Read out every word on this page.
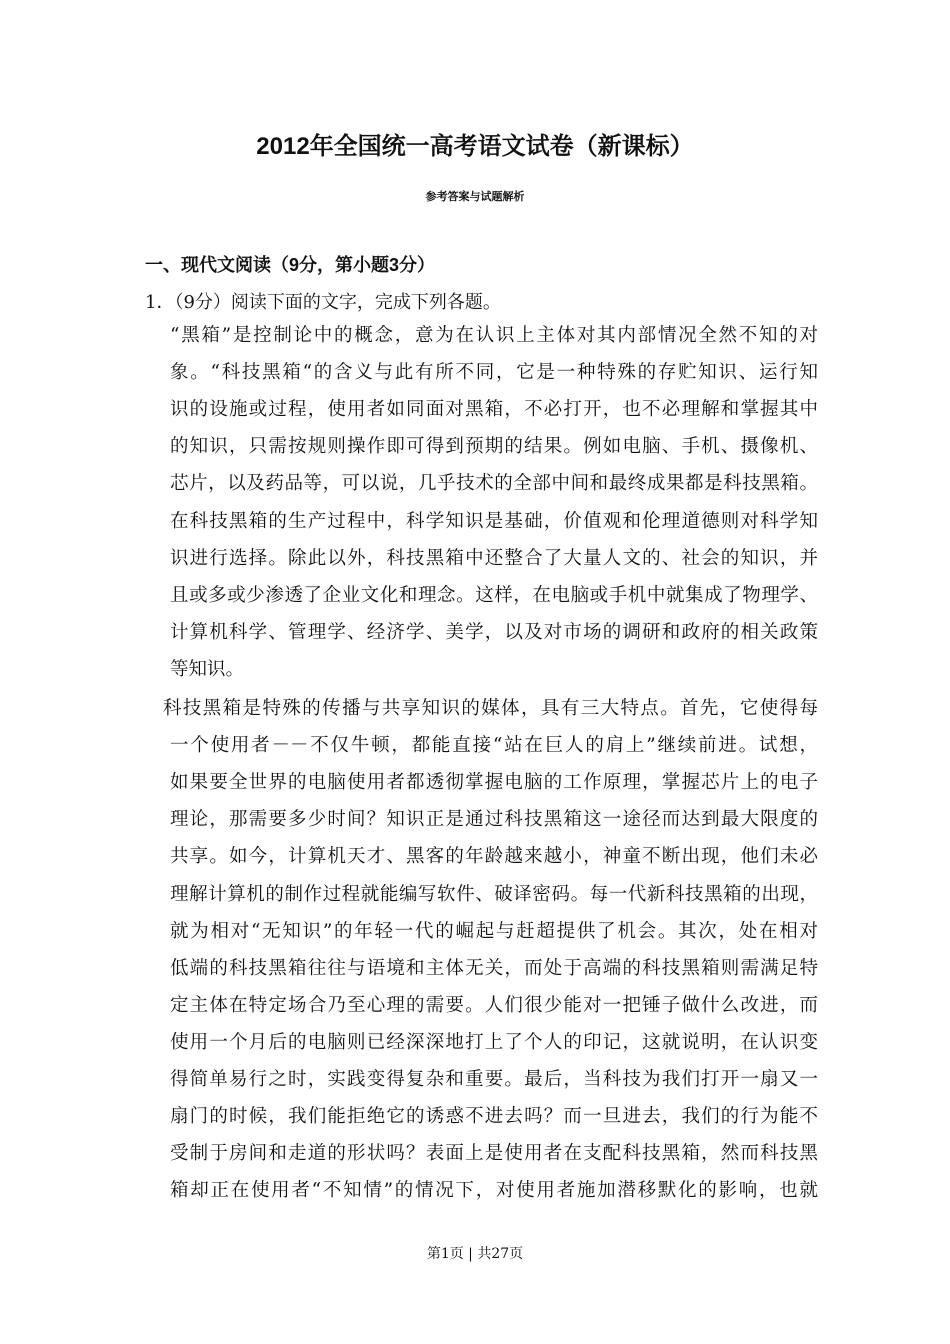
2012年全国统一高考语文试卷（新课标）
参考答案与试题解析
一、现代文阅读（9分，第小题3分）
1．（9分）阅读下面的文字，完成下列各题。
第1页 | 共27页
“黑箱”是控制论中的概念，意为在认识上主体对其内部情况全然不知的对
象。“科技黑箱“的含义与此有所不同，它是一种特殊的存贮知识、运行知
识的设施或过程，使用者如同面对黑箱，不必打开，也不必理解和掌握其中
的知识，只需按规则操作即可得到预期的结果。例如电脑、手机、摄像机、
芯片，以及药品等，可以说，几乎技术的全部中间和最终成果都是科技黑箱。
在科技黑箱的生产过程中，科学知识是基础，价值观和伦理道德则对科学知
识进行选择。除此以外，科技黑箱中还整合了大量人文的、社会的知识，并
且或多或少渗透了企业文化和理念。这样，在电脑或手机中就集成了物理学、
计算机科学、管理学、经济学、美学，以及对市场的调研和政府的相关政策
等知识。
科技黑箱是特殊的传播与共享知识的媒体，具有三大特点。首先，它使得每
一个使用者－－不仅牛顿，都能直接“站在巨人的肩上”继续前进。试想，
如果要全世界的电脑使用者都透彻掌握电脑的工作原理，掌握芯片上的电子
理论，那需要多少时间？知识正是通过科技黑箱这一途径而达到最大限度的
共享。如今，计算机天才、黑客的年龄越来越小，神童不断出现，他们未必
理解计算机的制作过程就能编写软件、破译密码。每一代新科技黑箱的出现，
就为相对“无知识”的年轻一代的崛起与赶超提供了机会。其次，处在相对
低端的科技黑箱往往与语境和主体无关，而处于高端的科技黑箱则需满足特
定主体在特定场合乃至心理的需要。人们很少能对一把锤子做什么改进，而
使用一个月后的电脑则已经深深地打上了个人的印记，这就说明，在认识变
得简单易行之时，实践变得复杂和重要。最后，当科技为我们打开一扇又一
扇门的时候，我们能拒绝它的诱惑不进去吗？而一旦进去，我们的行为能不
受制于房间和走道的形状吗？表面上是使用者在支配科技黑箱，然而科技黑
箱却正在使用者“不知情”的情况下，对使用者施加潜移默化的影响，也就
